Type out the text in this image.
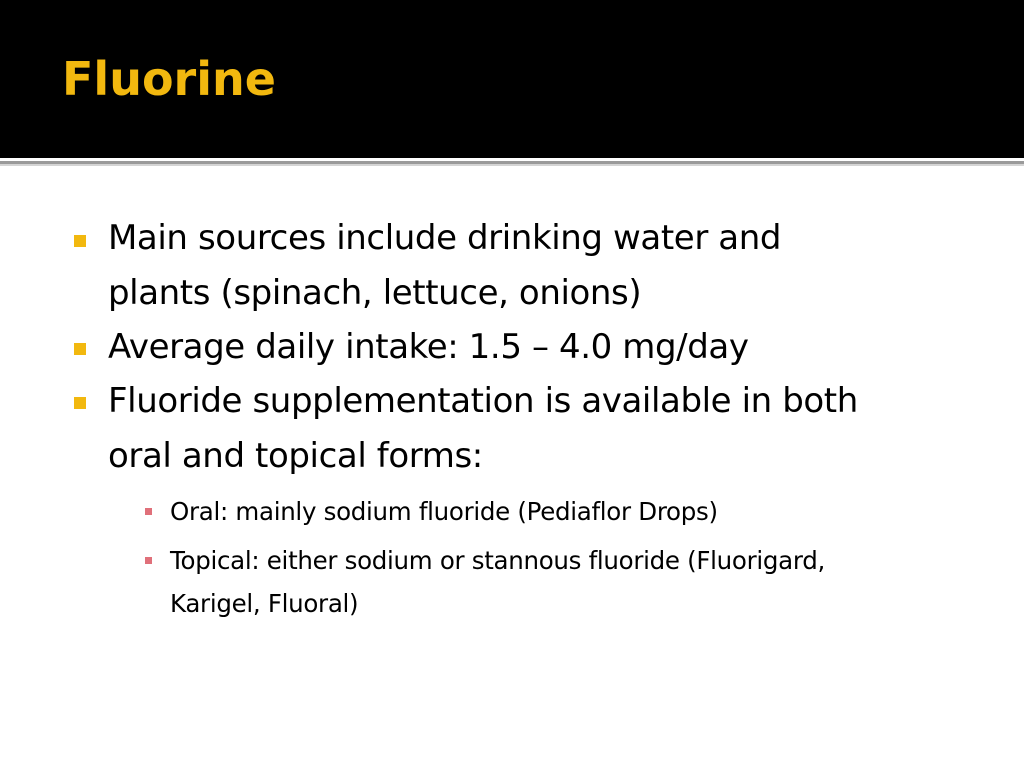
Fluorine
Main sources include drinking water and
plants (spinach, lettuce, onions)
Average daily intake: 1.5 – 4.0 mg/day
Fluoride supplementation is available in both
oral and topical forms:
Oral: mainly sodium fluoride (Pediaflor Drops)
Topical: either sodium or stannous fluoride (Fluorigard,
Karigel, Fluoral)
